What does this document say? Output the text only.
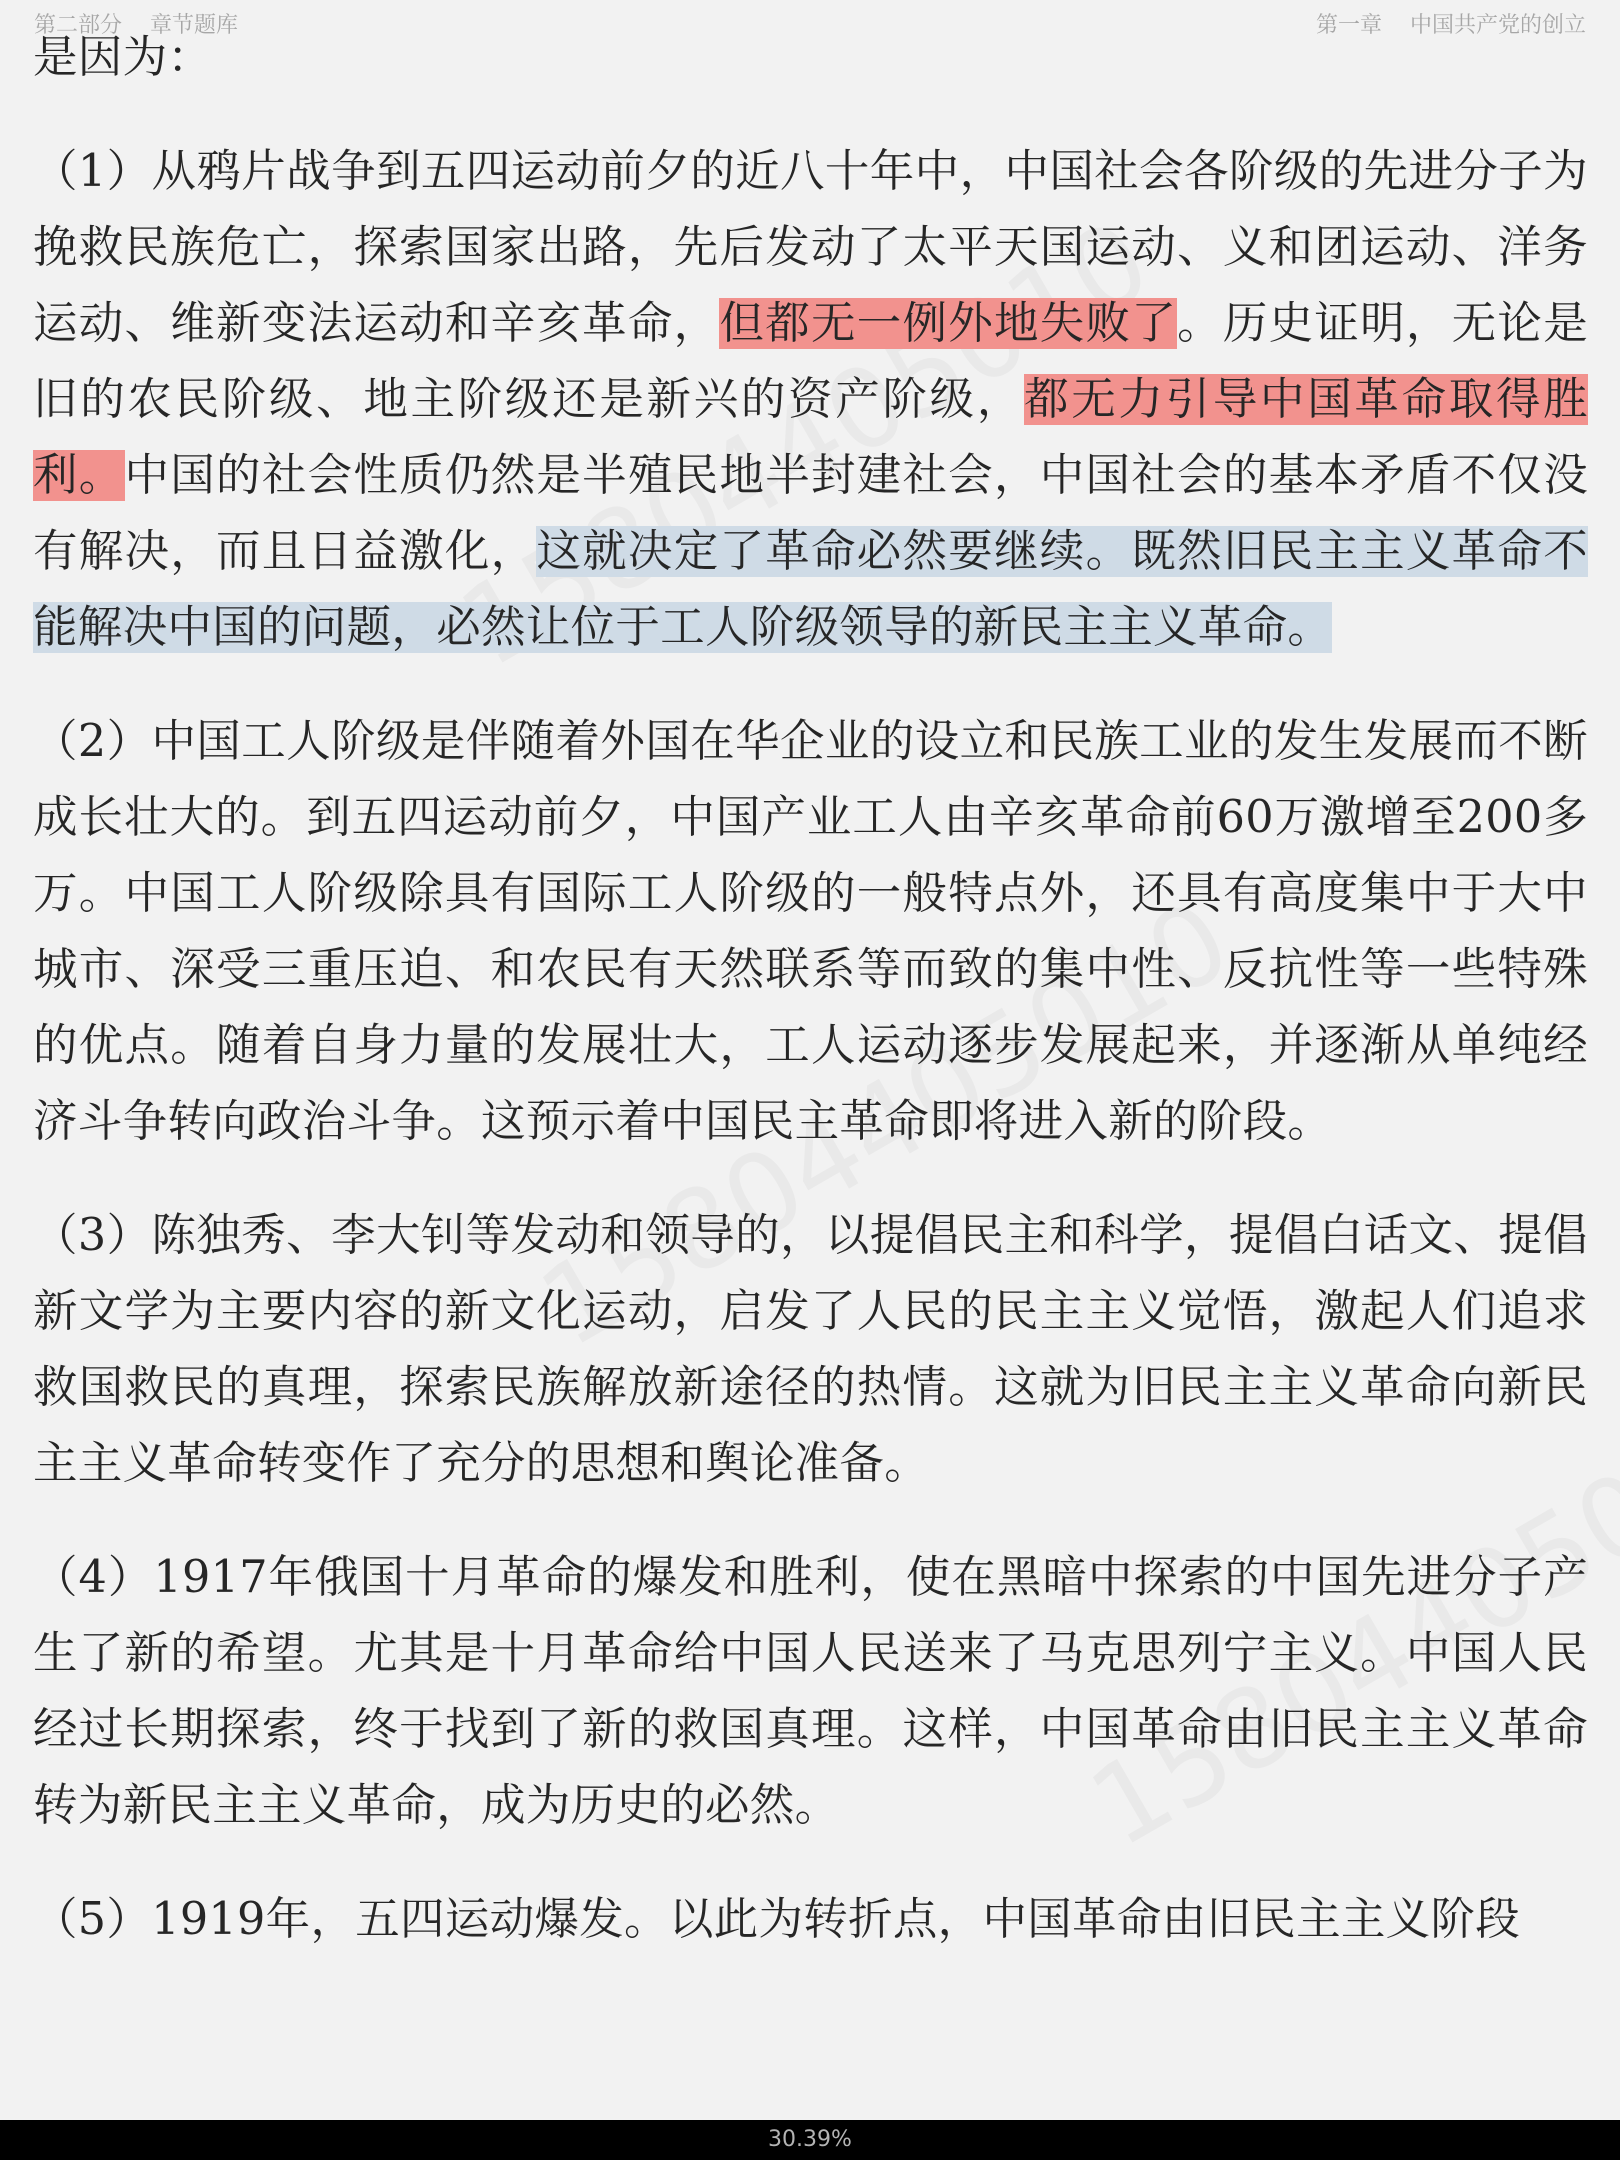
第二部分 章节题库	第一章 中国共产党的创立

是因为：

（1）从鸦片战争到五四运动前夕的近八十年中，中国社会各阶级的先进分子为挽救民族危亡，探索国家出路，先后发动了太平天国运动、义和团运动、洋务运动、维新变法运动和辛亥革命，但都无一例外地失败了。历史证明，无论是旧的农民阶级、地主阶级还是新兴的资产阶级，都无力引导中国革命取得胜利。中国的社会性质仍然是半殖民地半封建社会，中国社会的基本矛盾不仅没有解决，而且日益激化，这就决定了革命必然要继续。既然旧民主主义革命不能解决中国的问题，必然让位于工人阶级领导的新民主主义革命。

（2）中国工人阶级是伴随着外国在华企业的设立和民族工业的发生发展而不断成长壮大的。到五四运动前夕，中国产业工人由辛亥革命前60万激增至200多万。中国工人阶级除具有国际工人阶级的一般特点外，还具有高度集中于大中城市、深受三重压迫、和农民有天然联系等而致的集中性、反抗性等一些特殊的优点。随着自身力量的发展壮大，工人运动逐步发展起来，并逐渐从单纯经济斗争转向政治斗争。这预示着中国民主革命即将进入新的阶段。

（3）陈独秀、李大钊等发动和领导的，以提倡民主和科学，提倡白话文、提倡新文学为主要内容的新文化运动，启发了人民的民主主义觉悟，激起人们追求救国救民的真理，探索民族解放新途径的热情。这就为旧民主主义革命向新民主主义革命转变作了充分的思想和舆论准备。

（4）1917年俄国十月革命的爆发和胜利，使在黑暗中探索的中国先进分子产生了新的希望。尤其是十月革命给中国人民送来了马克思列宁主义。中国人民经过长期探索，终于找到了新的救国真理。这样，中国革命由旧民主主义革命转为新民主主义革命，成为历史的必然。

（5）1919年，五四运动爆发。以此为转折点，中国革命由旧民主主义阶段

30.39%
